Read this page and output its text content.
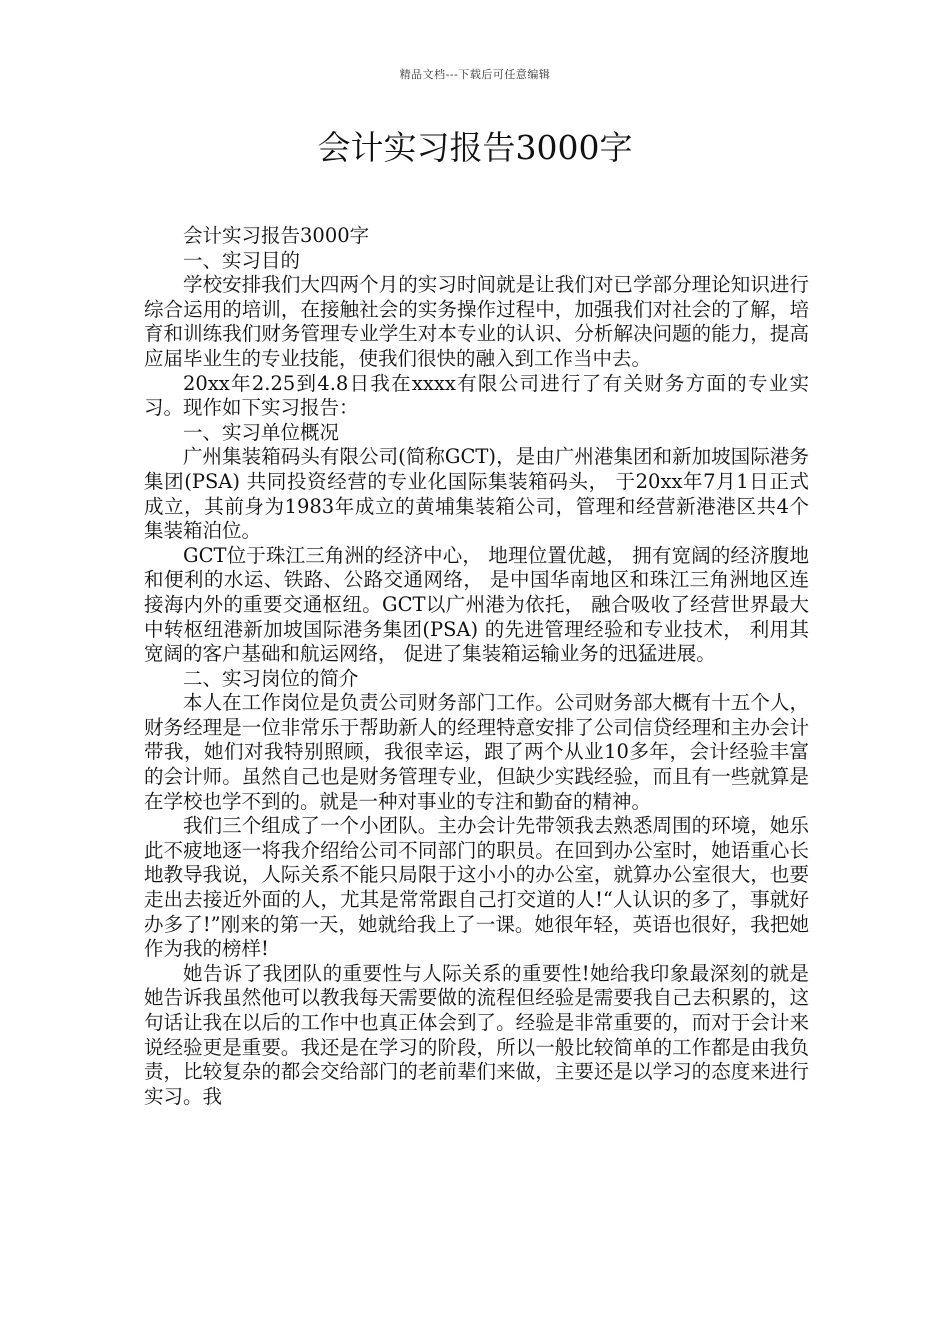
精品文档---下载后可任意编辑
会计实习报告3000字

会计实习报告3000字

一、实习目的

学校安排我们大四两个月的实习时间就是让我们对已学部分理论知识进行综合运用的培训，在接触社会的实务操作过程中，加强我们对社会的了解，培育和训练我们财务管理专业学生对本专业的认识、分析解决问题的能力，提高应届毕业生的专业技能，使我们很快的融入到工作当中去。

20xx年2.25到4.8日我在xxxx有限公司进行了有关财务方面的专业实习。现作如下实习报告：

一、实习单位概况

广州集装箱码头有限公司(简称GCT)，是由广州港集团和新加坡国际港务集团(PSA) 共同投资经营的专业化国际集装箱码头， 于20xx年7月1日正式成立，其前身为1983年成立的黄埔集装箱公司，管理和经营新港港区共4个集装箱泊位。

GCT位于珠江三角洲的经济中心， 地理位置优越， 拥有宽阔的经济腹地和便利的水运、铁路、公路交通网络， 是中国华南地区和珠江三角洲地区连 接海内外的重要交通枢纽。GCT以广州港为依托， 融合吸收了经营世界最大中转枢纽港新加坡国际港务集团(PSA) 的先进管理经验和专业技术， 利用其宽阔的客户基础和航运网络， 促进了集装箱运输业务的迅猛进展。

二、实习岗位的简介

本人在工作岗位是负责公司财务部门工作。公司财务部大概有十五个人，财务经理是一位非常乐于帮助新人的经理特意安排了公司信贷经理和主办会计带我，她们对我特别照顾，我很幸运，跟了两个从业10多年，会计经验丰富的会计师。虽然自己也是财务管理专业，但缺少实践经验，而且有一些就算是在学校也学不到的。就是一种对事业的专注和勤奋的精神。

我们三个组成了一个小团队。主办会计先带领我去熟悉周围的环境，她乐此不疲地逐一将我介绍给公司不同部门的职员。在回到办公室时，她语重心长地教导我说，人际关系不能只局限于这小小的办公室，就算办公室很大，也要走出去接近外面的人，尤其是常常跟自己打交道的人!“人认识的多了，事就好办多了!”刚来的第一天，她就给我上了一课。她很年轻，英语也很好，我把她作为我的榜样!

她告诉了我团队的重要性与人际关系的重要性!她给我印象最深刻的就是她告诉我虽然他可以教我每天需要做的流程但经验是需要我自己去积累的，这句话让我在以后的工作中也真正体会到了。经验是非常重要的，而对于会计来说经验更是重要。我还是在学习的阶段，所以一般比较简单的工作都是由我负责，比较复杂的都会交给部门的老前辈们来做，主要还是以学习的态度来进行实习。我
